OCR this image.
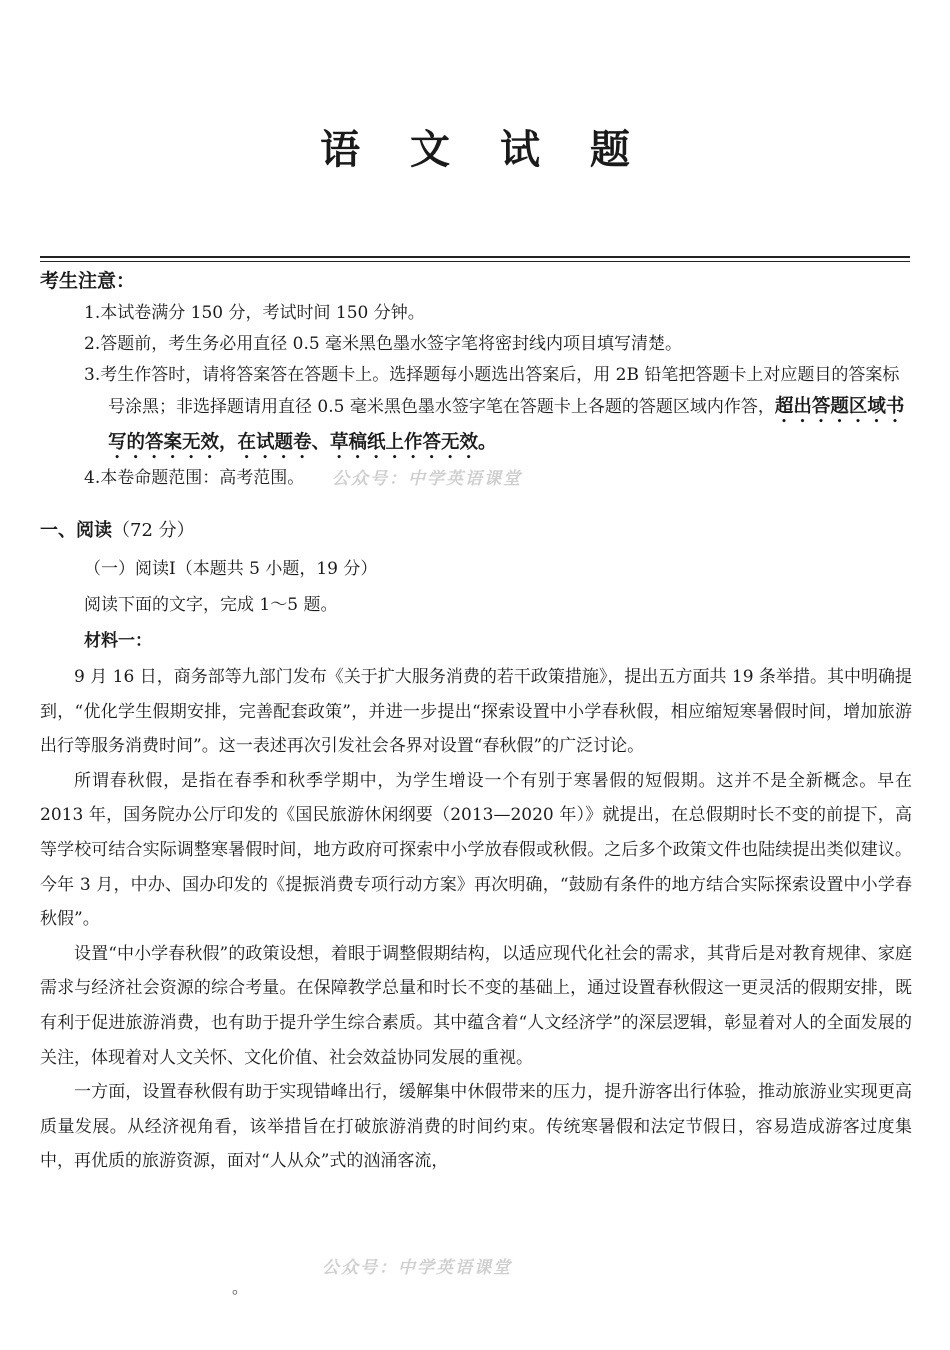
语 文 试 题
考生注意：

1.本试卷满分 150 分，考试时间 150 分钟。

2.答题前，考生务必用直径 0.5 毫米黑色墨水签字笔将密封线内项目填写清楚。

3.考生作答时，请将答案答在答题卡上。选择题每小题选出答案后，用 2B 铅笔把答题卡上对应题目的答案标号涂黑；非选择题请用直径 0.5 毫米黑色墨水签字笔在答题卡上各题的答题区域内作答，超出答题区域书写的答案无效，在试题卷、草稿纸上作答无效。

4.本卷命题范围：高考范围。	公众号：中学英语课堂
一、阅读（72 分）
（一）阅读Ⅰ（本题共 5 小题，19 分）
阅读下面的文字，完成 1～5 题。
材料一：

9 月 16 日，商务部等九部门发布《关于扩大服务消费的若干政策措施》，提出五方面共 19 条举措。其中明确提到，“优化学生假期安排，完善配套政策”，并进一步提出“探索设置中小学春秋假，相应缩短寒暑假时间，增加旅游出行等服务消费时间”。这一表述再次引发社会各界对设置“春秋假”的广泛讨论。

所谓春秋假，是指在春季和秋季学期中，为学生增设一个有别于寒暑假的短假期。这并不是全新概念。早在 2013 年，国务院办公厅印发的《国民旅游休闲纲要（2013—2020 年）》就提出，在总假期时长不变的前提下，高等学校可结合实际调整寒暑假时间，地方政府可探索中小学放春假或秋假。之后多个政策文件也陆续提出类似建议。今年 3 月，中办、国办印发的《提振消费专项行动方案》再次明确，“鼓励有条件的地方结合实际探索设置中小学春秋假”。

设置“中小学春秋假”的政策设想，着眼于调整假期结构，以适应现代化社会的需求，其背后是对教育规律、家庭需求与经济社会资源的综合考量。在保障教学总量和时长不变的基础上，通过设置春秋假这一更灵活的假期安排，既有利于促进旅游消费，也有助于提升学生综合素质。其中蕴含着“人文经济学”的深层逻辑，彰显着对人的全面发展的关注，体现着对人文关怀、文化价值、社会效益协同发展的重视。

一方面，设置春秋假有助于实现错峰出行，缓解集中休假带来的压力，提升游客出行体验，推动旅游业实现更高质量发展。从经济视角看，该举措旨在打破旅游消费的时间约束。传统寒暑假和法定节假日，容易造成游客过度集中，再优质的旅游资源，面对“人从众”式的汹涌客流，

公众号：中学英语课堂
。
